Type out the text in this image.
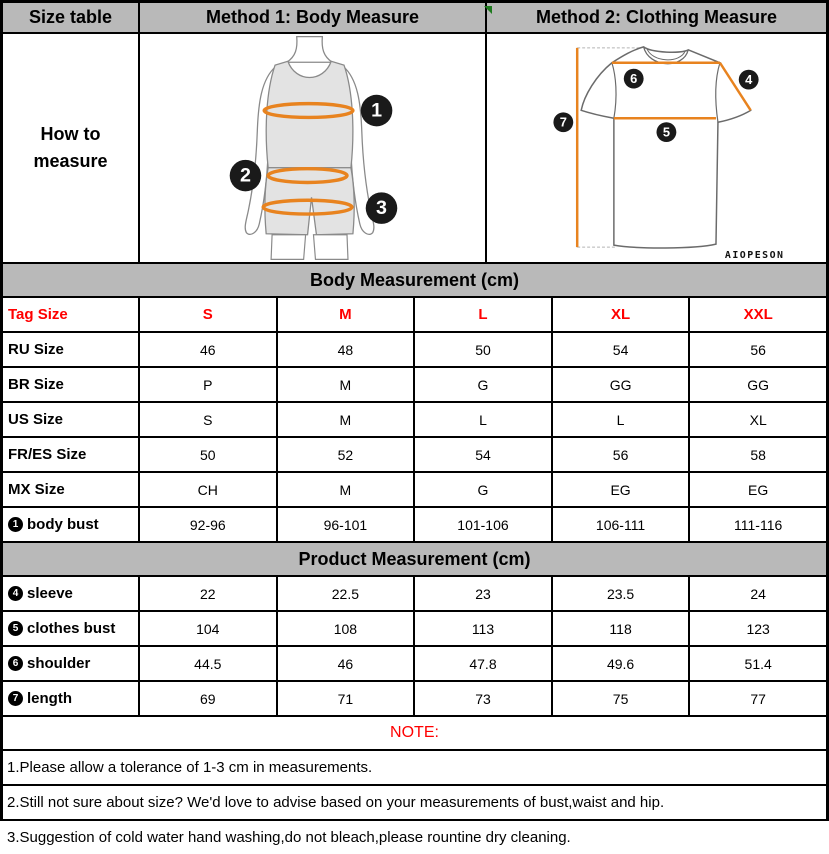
Size table	Method 1: Body Measure	Method 2: Clothing Measure
How to measure
1
2
3
6	4
7
5
AIOPESON
Body Measurement (cm)
Tag Size	S	M	L	XL	XXL
RU Size	46	48	50	54	56
BR Size	P	M	G	GG	GG
US Size	S	M	L	L	XL
FR/ES Size	50	52	54	56	58
MX Size	CH	M	G	EG	EG
1 body bust	92-96	96-101	101-106	106-111	111-116
Product Measurement (cm)
4 sleeve	22	22.5	23	23.5	24
5 clothes bust	104	108	113	118	123
6 shoulder	44.5	46	47.8	49.6	51.4
7 length	69	71	73	75	77
NOTE:
1.Please allow a tolerance of 1-3 cm in measurements.
2.Still not sure about size? We'd love to advise based on your measurements of bust,waist and hip.
3.Suggestion of cold water hand washing,do not bleach,please rountine dry cleaning.
